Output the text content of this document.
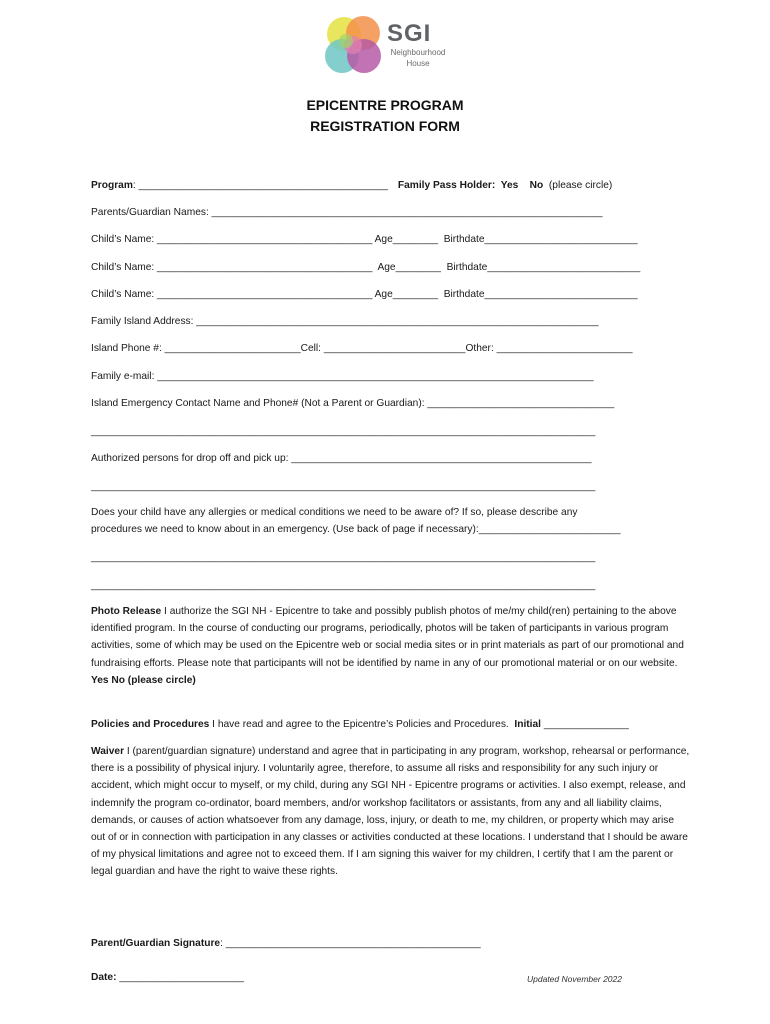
SGI
Neighbourhood
House
EPICENTRE PROGRAM
REGISTRATION FORM
Program: ____________________________________________ Family Pass Holder:  Yes    No  (please circle)
Parents/Guardian Names: _____________________________________________________________________
Child’s Name: ______________________________________ Age________  Birthdate___________________________
Child’s Name: ______________________________________  Age________  Birthdate___________________________
Child’s Name: ______________________________________ Age________  Birthdate___________________________
Family Island Address: _______________________________________________________________________
Island Phone #: ________________________Cell: _________________________Other: ________________________
Family e-mail: _____________________________________________________________________________
Island Emergency Contact Name and Phone# (Not a Parent or Guardian): _________________________________
_________________________________________________________________________________________
Authorized persons for drop off and pick up: _____________________________________________________
_________________________________________________________________________________________
Does your child have any allergies or medical conditions we need to be aware of? If so, please describe any
procedures we need to know about in an emergency. (Use back of page if necessary):_________________________
_________________________________________________________________________________________
_________________________________________________________________________________________
Photo Release I authorize the SGI NH - Epicentre to take and possibly publish photos of me/my child(ren) pertaining to the above identified program. In the course of conducting our programs, periodically, photos will be taken of participants in various program activities, some of which may be used on the Epicentre web or social media sites or in print materials as part of our promotional and fundraising efforts. Please note that participants will not be identified by name in any of our promotional material or on our website. Yes No (please circle)
Policies and Procedures I have read and agree to the Epicentre’s Policies and Procedures.  Initial _______________
Waiver I (parent/guardian signature) understand and agree that in participating in any program, workshop, rehearsal or performance, there is a possibility of physical injury. I voluntarily agree, therefore, to assume all risks and responsibility for any such injury or accident, which might occur to myself, or my child, during any SGI NH - Epicentre programs or activities. I also exempt, release, and indemnify the program co-ordinator, board members, and/or workshop facilitators or assistants, from any and all liability claims, demands, or causes of action whatsoever from any damage, loss, injury, or death to me, my children, or property which may arise out of or in connection with participation in any classes or activities conducted at these locations. I understand that I should be aware of my physical limitations and agree not to exceed them. If I am signing this waiver for my children, I certify that I am the parent or legal guardian and have the right to waive these rights.
Parent/Guardian Signature: _____________________________________________
Date: ______________________	Updated November 2022
